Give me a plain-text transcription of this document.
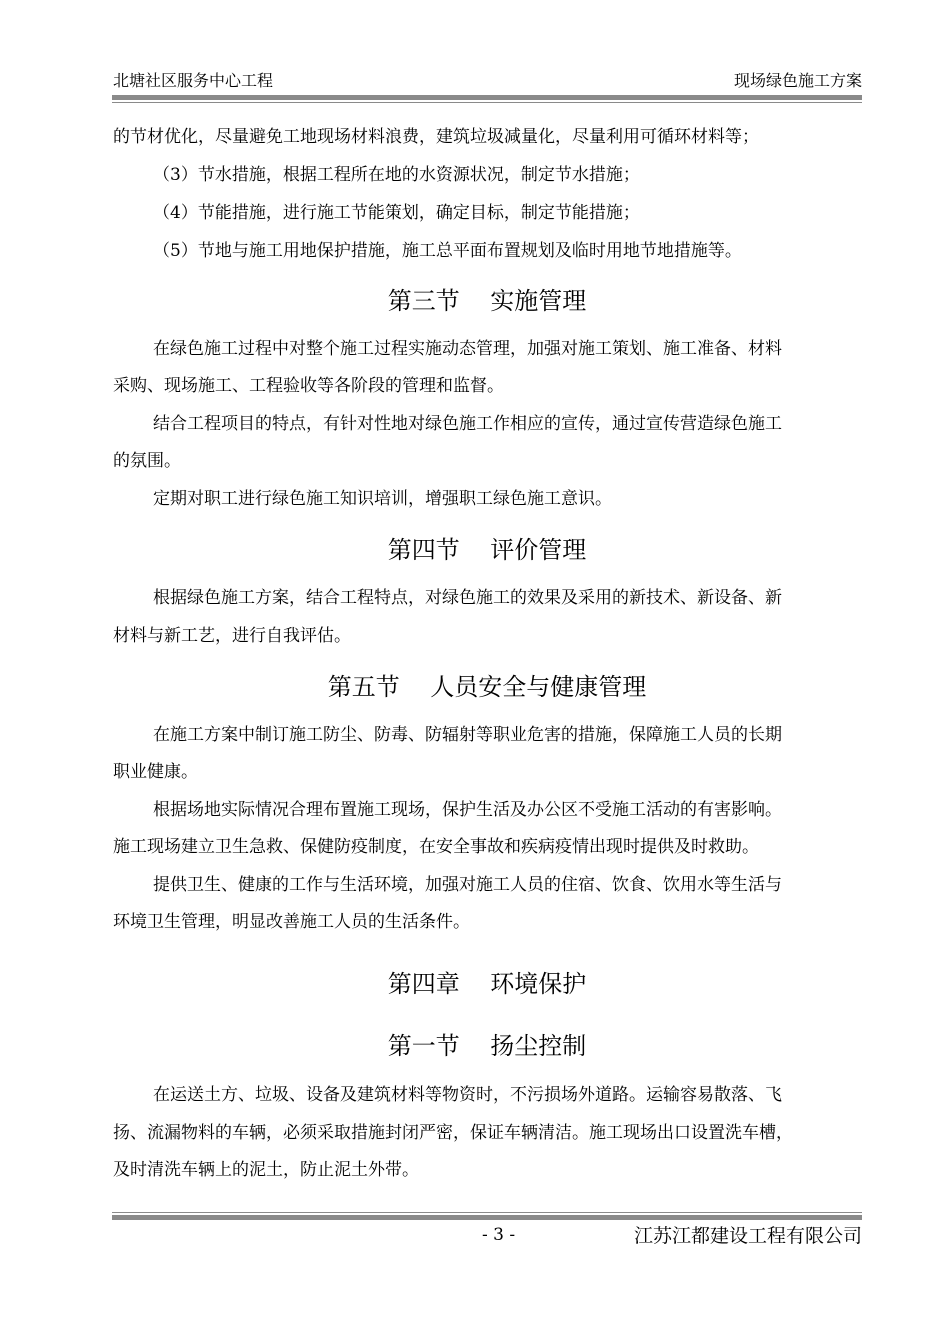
北塘社区服务中心工程	现场绿色施工方案
的节材优化，尽量避免工地现场材料浪费，建筑垃圾减量化，尽量利用可循环材料等；
（3）节水措施，根据工程所在地的水资源状况，制定节水措施；
（4）节能措施，进行施工节能策划，确定目标，制定节能措施；
（5）节地与施工用地保护措施，施工总平面布置规划及临时用地节地措施等。
第三节    实施管理
在绿色施工过程中对整个施工过程实施动态管理，加强对施工策划、施工准备、材料
采购、现场施工、工程验收等各阶段的管理和监督。
结合工程项目的特点，有针对性地对绿色施工作相应的宣传，通过宣传营造绿色施工
的氛围。
定期对职工进行绿色施工知识培训，增强职工绿色施工意识。
第四节    评价管理
根据绿色施工方案，结合工程特点，对绿色施工的效果及采用的新技术、新设备、新
材料与新工艺，进行自我评估。
第五节    人员安全与健康管理
在施工方案中制订施工防尘、防毒、防辐射等职业危害的措施，保障施工人员的长期
职业健康。
根据场地实际情况合理布置施工现场，保护生活及办公区不受施工活动的有害影响。
施工现场建立卫生急救、保健防疫制度，在安全事故和疾病疫情出现时提供及时救助。
提供卫生、健康的工作与生活环境，加强对施工人员的住宿、饮食、饮用水等生活与
环境卫生管理，明显改善施工人员的生活条件。
第四章    环境保护
第一节    扬尘控制
在运送土方、垃圾、设备及建筑材料等物资时，不污损场外道路。运输容易散落、飞
扬、流漏物料的车辆，必须采取措施封闭严密，保证车辆清洁。施工现场出口设置洗车槽，
及时清洗车辆上的泥土，防止泥土外带。
- 3 -	江苏江都建设工程有限公司
